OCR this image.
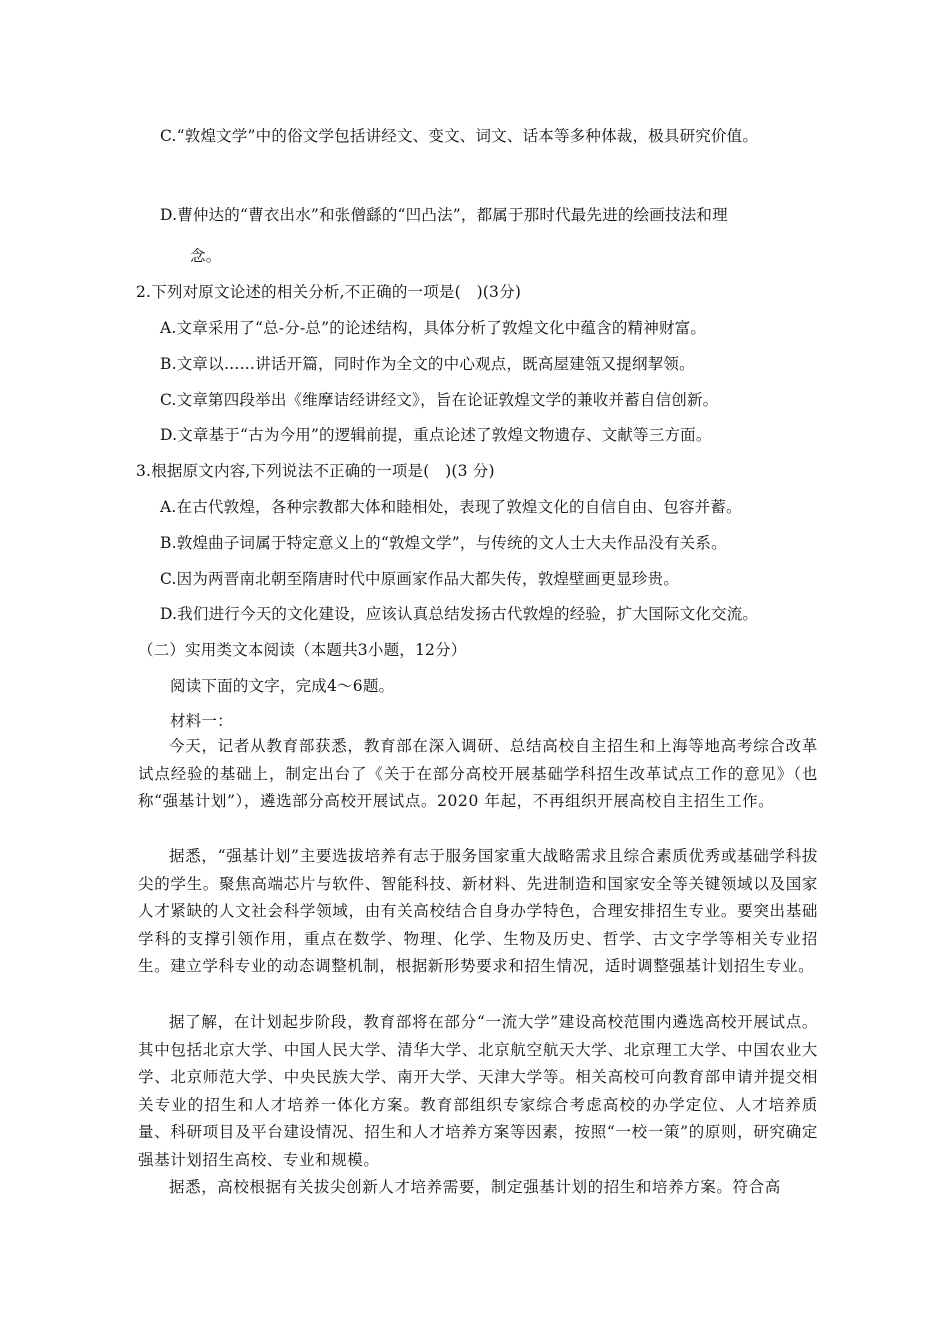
C.“敦煌文学”中的俗文学包括讲经文、变文、词文、话本等多种体裁，极具研究价值。
D.曹仲达的“曹衣出水”和张僧繇的“凹凸法”，都属于那时代最先进的绘画技法和理
念。
2.下列对原文论述的相关分析,不正确的一项是(　)(3分)
A.文章采用了“总-分-总”的论述结构，具体分析了敦煌文化中蕴含的精神财富。
B.文章以……讲话开篇，同时作为全文的中心观点，既高屋建瓴又提纲挈领。
C.文章第四段举出《维摩诘经讲经文》，旨在论证敦煌文学的兼收并蓄自信创新。
D.文章基于“古为今用”的逻辑前提，重点论述了敦煌文物遗存、文献等三方面。
3.根据原文内容,下列说法不正确的一项是(　)(3 分)
A.在古代敦煌，各种宗教都大体和睦相处，表现了敦煌文化的自信自由、包容并蓄。
B.敦煌曲子词属于特定意义上的“敦煌文学”，与传统的文人士大夫作品没有关系。
C.因为两晋南北朝至隋唐时代中原画家作品大都失传，敦煌壁画更显珍贵。
D.我们进行今天的文化建设，应该认真总结发扬古代敦煌的经验，扩大国际文化交流。
（二）实用类文本阅读（本题共3小题，12分）
阅读下面的文字，完成4～6题。
材料一：

今天，记者从教育部获悉，教育部在深入调研、总结高校自主招生和上海等地高考综合改革试点经验的基础上，制定出台了《关于在部分高校开展基础学科招生改革试点工作的意见》（也称“强基计划”），遴选部分高校开展试点。2020 年起，不再组织开展高校自主招生工作。

据悉，“强基计划”主要选拔培养有志于服务国家重大战略需求且综合素质优秀或基础学科拔尖的学生。聚焦高端芯片与软件、智能科技、新材料、先进制造和国家安全等关键领域以及国家人才紧缺的人文社会科学领域，由有关高校结合自身办学特色，合理安排招生专业。要突出基础学科的支撑引领作用，重点在数学、物理、化学、生物及历史、哲学、古文字学等相关专业招生。建立学科专业的动态调整机制，根据新形势要求和招生情况，适时调整强基计划招生专业。

据了解，在计划起步阶段，教育部将在部分“一流大学”建设高校范围内遴选高校开展试点。其中包括北京大学、中国人民大学、清华大学、北京航空航天大学、北京理工大学、中国农业大学、北京师范大学、中央民族大学、南开大学、天津大学等。相关高校可向教育部申请并提交相关专业的招生和人才培养一体化方案。教育部组织专家综合考虑高校的办学定位、人才培养质量、科研项目及平台建设情况、招生和人才培养方案等因素，按照“一校一策”的原则，研究确定强基计划招生高校、专业和规模。

据悉，高校根据有关拔尖创新人才培养需要，制定强基计划的招生和培养方案。符合高
